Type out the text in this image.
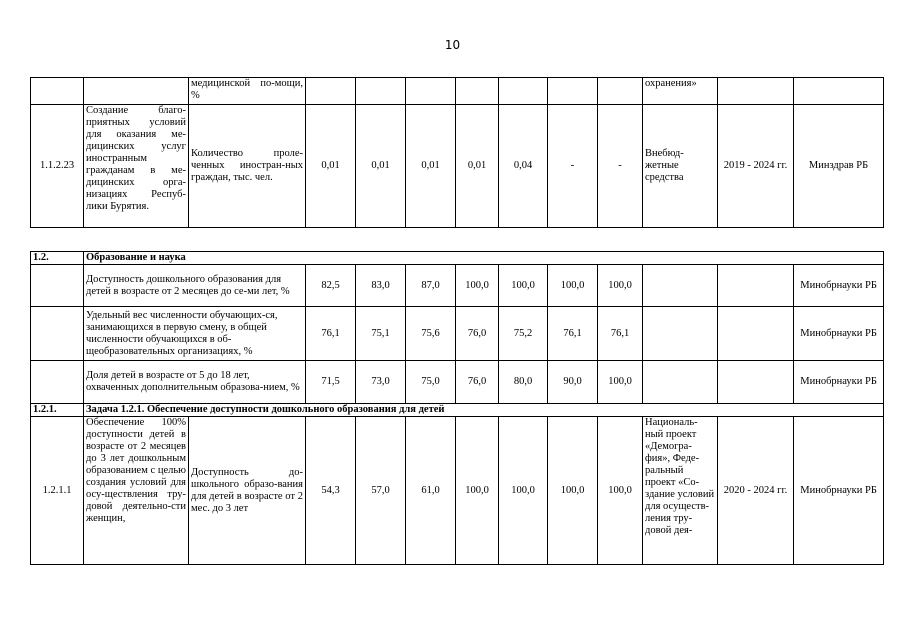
10
		медицинской по-мощи, %								охранения»		
1.1.2.23	Создание благо-приятных условий для оказания ме-дицинских услуг иностранным гражданам в ме-дицинских орга-низациях Респуб-лики Бурятия.	Количество проле-ченных иностран-ных граждан, тыс. чел.	0,01	0,01	0,01	0,01	0,04	-	-	Внебюд-жетные средства	2019 - 2024 гг.	Минздрав РБ
1.2.	Образование и наука											
	Доступность дошкольного образования для детей в возрасте от 2 месяцев до се-ми лет, %		82,5	83,0	87,0	100,0	100,0	100,0	100,0			Минобрнауки РБ
	Удельный вес численности обучающих-ся, занимающихся в первую смену, в общей численности обучающихся в об-щеобразовательных организациях, %		76,1	75,1	75,6	76,0	75,2	76,1	76,1			Минобрнауки РБ
	Доля детей в возрасте от 5 до 18 лет, охваченных дополнительным образова-нием, %		71,5	73,0	75,0	76,0	80,0	90,0	100,0			Минобрнауки РБ
1.2.1.	Задача 1.2.1. Обеспечение доступности дошкольного образования для детей											
1.2.1.1	Обеспечение 100% доступности детей в возрасте от 2 месяцев до 3 лет дошкольным образованием с целью создания условий для осу-ществления тру-довой деятельно-сти женщин,	Доступность до-школьного образо-вания для детей в возрасте от 2 мес. до 3 лет	54,3	57,0	61,0	100,0	100,0	100,0	100,0	Националь-ный проект «Демогра-фия», Феде-ральный проект «Со-здание условий для осуществ-ления тру-довой дея-	2020 - 2024 гг.	Минобрнауки РБ
